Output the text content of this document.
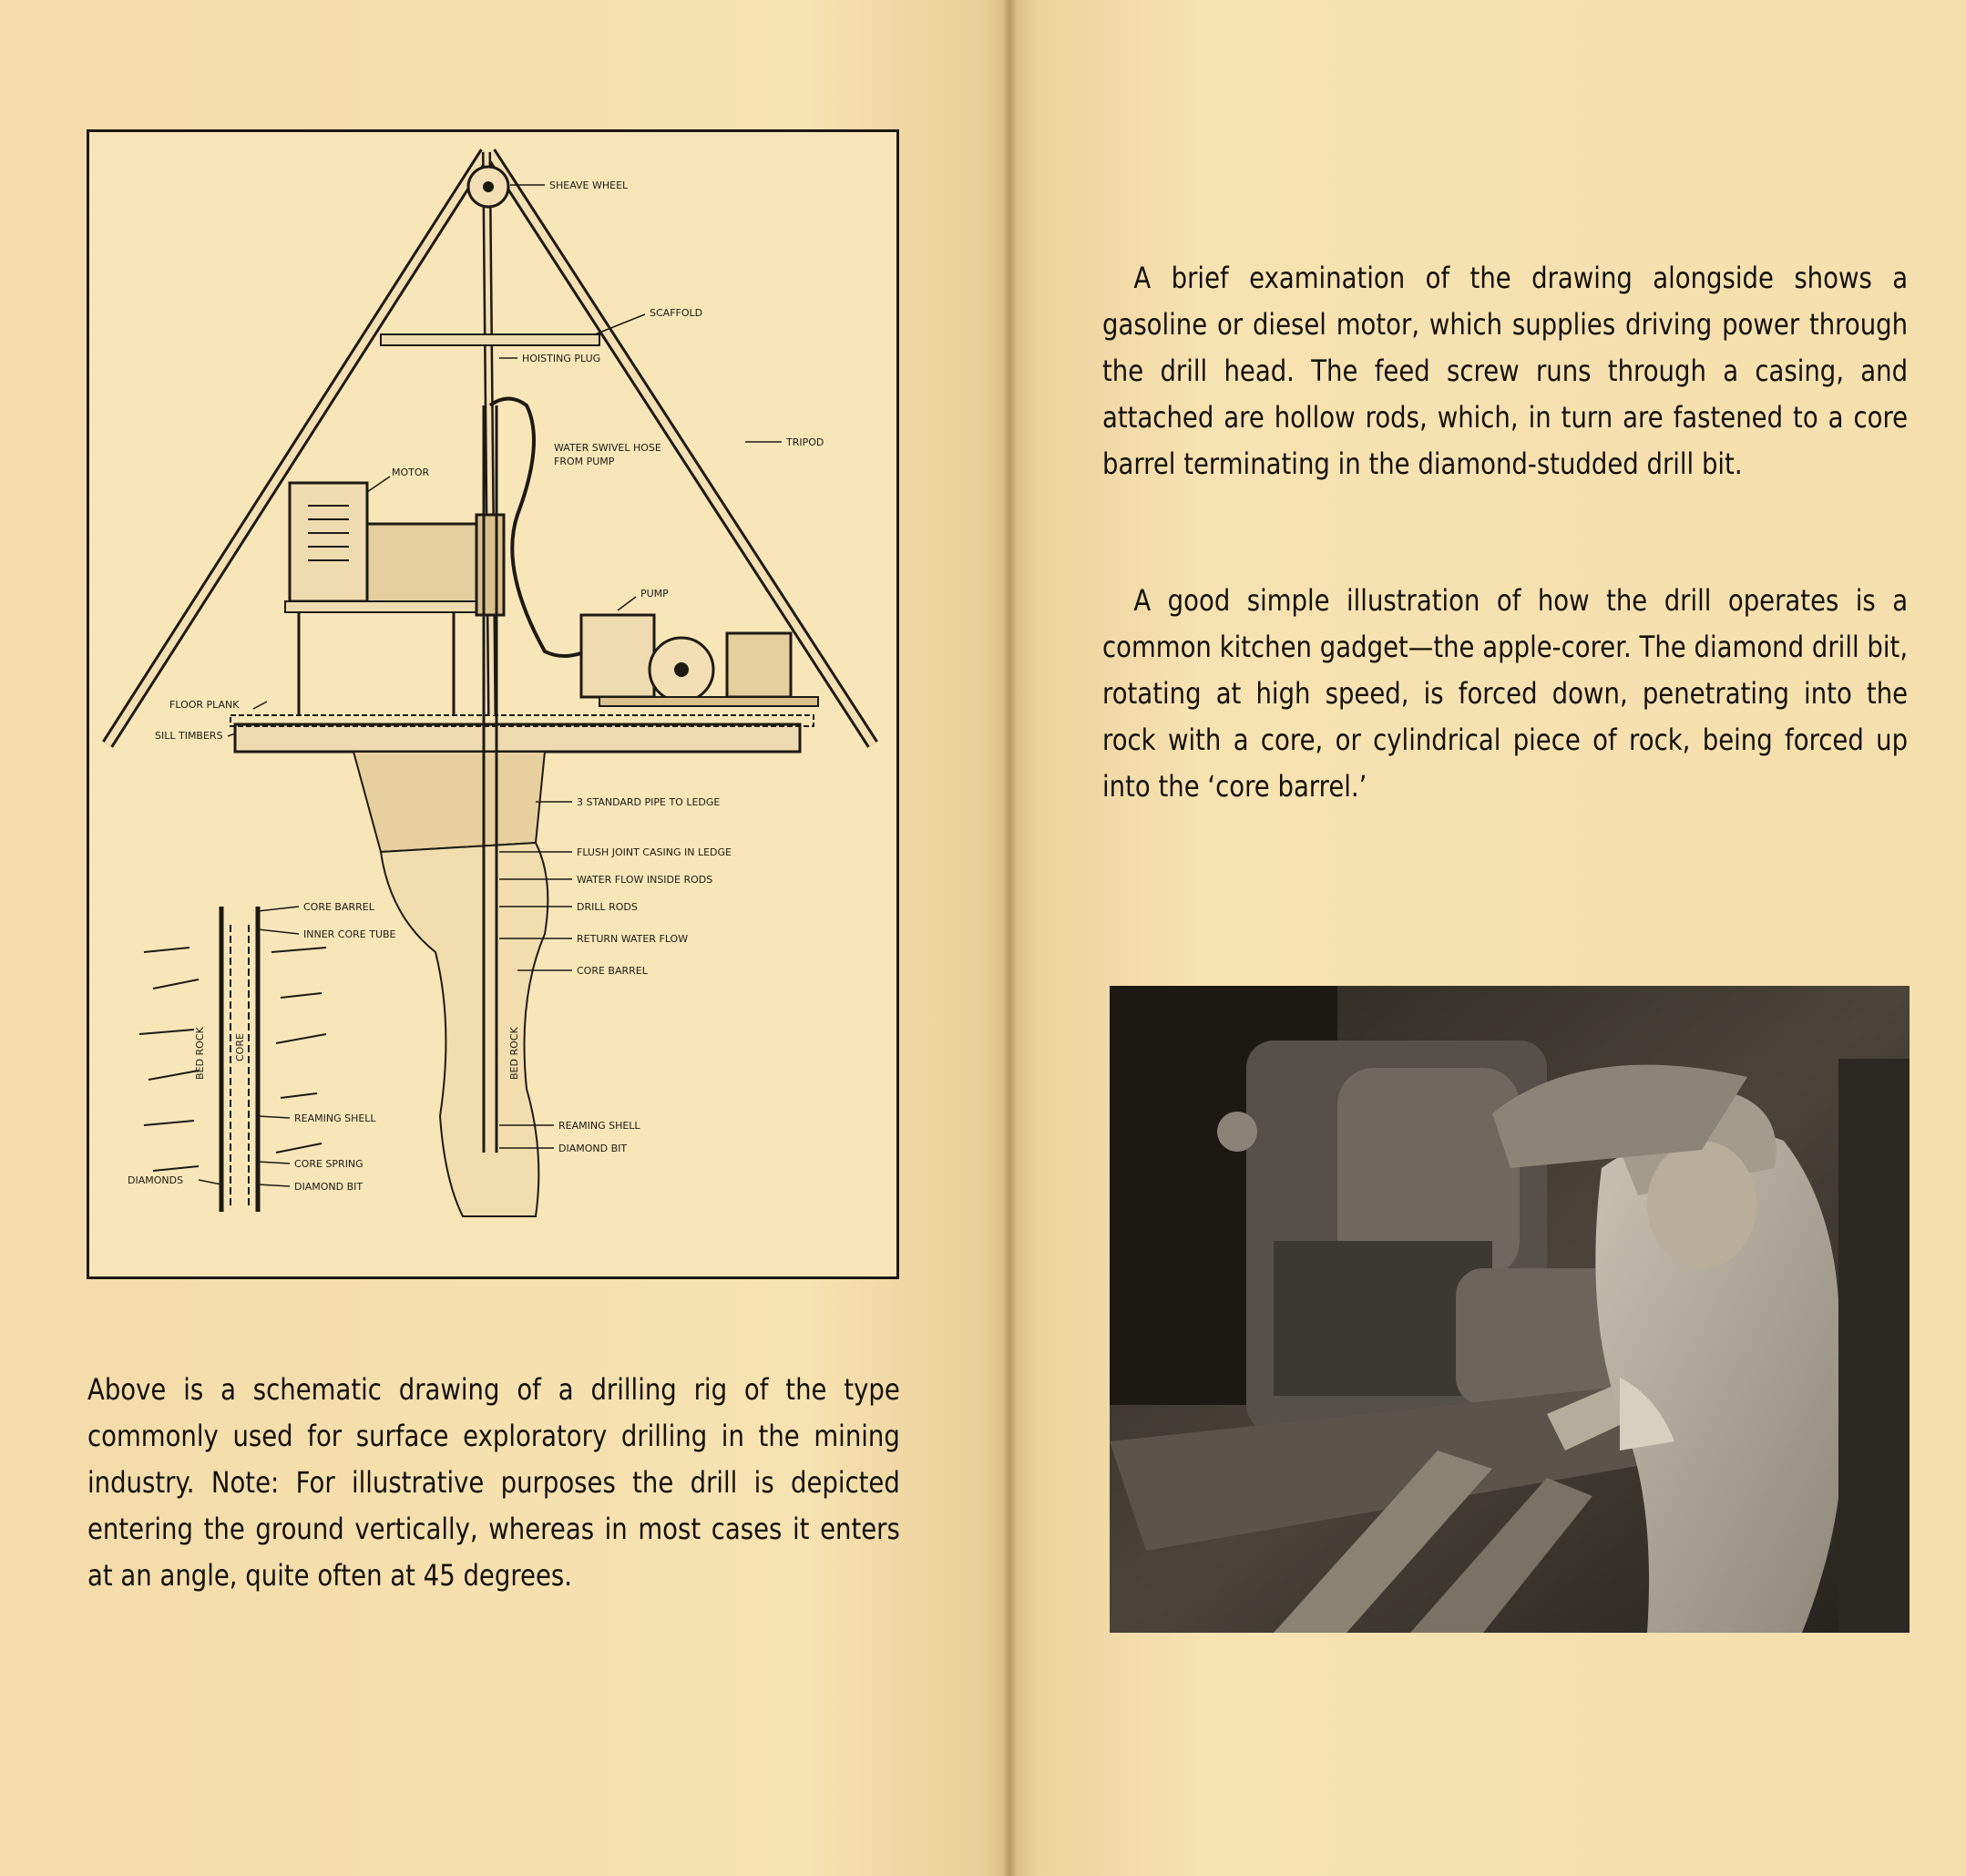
SHEAVE WHEEL
SCAFFOLD
HOISTING PLUG
TRIPOD
WATER SWIVEL HOSE
FROM PUMP
MOTOR
PUMP
FLOOR PLANK
SILL TIMBERS
3 STANDARD PIPE TO LEDGE
FLUSH JOINT CASING IN LEDGE
WATER FLOW INSIDE RODS
DRILL RODS
RETURN WATER FLOW
CORE BARREL
BED ROCK
REAMING SHELL
DIAMOND BIT
CORE BARREL
INNER CORE TUBE
BED ROCK	CORE
REAMING SHELL
CORE SPRING
DIAMOND BIT
DIAMONDS

Above is a schematic drawing of a drilling rig of the type commonly used for surface exploratory drilling in the mining industry. Note: For illustrative purposes the drill is depicted entering the ground vertically, whereas in most cases it enters at an angle, quite often at 45 degrees.

A brief examination of the drawing alongside shows a gasoline or diesel motor, which supplies driving power through the drill head. The feed screw runs through a casing, and attached are hollow rods, which, in turn are fastened to a core barrel terminating in the diamond-studded drill bit.

A good simple illustration of how the drill operates is a common kitchen gadget—the apple-corer. The diamond drill bit, rotating at high speed, is forced down, penetrating into the rock with a core, or cylindrical piece of rock, being forced up into the ‘core barrel.’
